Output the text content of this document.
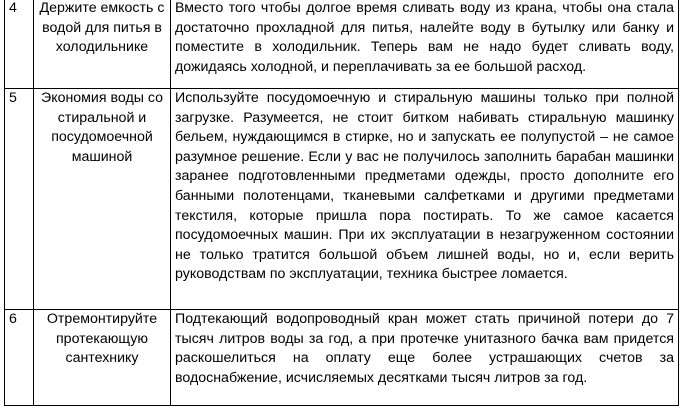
4	Держите емкость с водой для питья в холодильнике	Вместо того чтобы долгое время сливать воду из крана, чтобы она стала достаточно прохладной для питья, налейте воду в бутылку или банку и поместите в холодильник. Теперь вам не надо будет сливать воду, дожидаясь холодной, и переплачивать за ее большой расход.
5	Экономия воды со стиральной и посудомоечной машиной	Используйте посудомоечную и стиральную машины только при полной загрузке. Разумеется, не стоит битком набивать стиральную машинку бельем, нуждающимся в стирке, но и запускать ее полупустой – не самое разумное решение. Если у вас не получилось заполнить барабан машинки заранее подготовленными предметами одежды, просто дополните его банными полотенцами, тканевыми салфетками и другими предметами текстиля, которые пришла пора постирать. То же самое касается посудомоечных машин. При их эксплуатации в незагруженном состоянии не только тратится большой объем лишней воды, но и, если верить руководствам по эксплуатации, техника быстрее ломается.
6	Отремонтируйте протекающую сантехнику	Подтекающий водопроводный кран может стать причиной потери до 7 тысяч литров воды за год, а при протечке унитазного бачка вам придется раскошелиться на оплату еще более устрашающих счетов за водоснабжение, исчисляемых десятками тысяч литров за год.
